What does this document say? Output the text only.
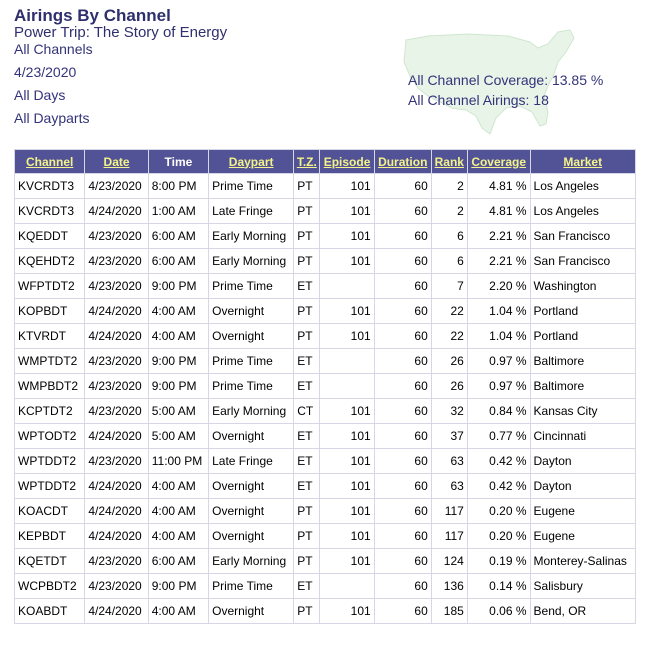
Airings By Channel
Power Trip: The Story of Energy
All Channels
4/23/2020
All Days
All Dayparts
All Channel Coverage: 13.85 %
All Channel Airings: 18
Channel	Date	Time	Daypart	T.Z.	Episode	Duration	Rank	Coverage	Market
KVCRDT3	4/23/2020	8:00 PM	Prime Time	PT	101	60	2	4.81 %	Los Angeles
KVCRDT3	4/24/2020	1:00 AM	Late Fringe	PT	101	60	2	4.81 %	Los Angeles
KQEDDT	4/23/2020	6:00 AM	Early Morning	PT	101	60	6	2.21 %	San Francisco
KQEHDT2	4/23/2020	6:00 AM	Early Morning	PT	101	60	6	2.21 %	San Francisco
WFPTDT2	4/23/2020	9:00 PM	Prime Time	ET		60	7	2.20 %	Washington
KOPBDT	4/24/2020	4:00 AM	Overnight	PT	101	60	22	1.04 %	Portland
KTVRDT	4/24/2020	4:00 AM	Overnight	PT	101	60	22	1.04 %	Portland
WMPTDT2	4/23/2020	9:00 PM	Prime Time	ET		60	26	0.97 %	Baltimore
WMPBDT2	4/23/2020	9:00 PM	Prime Time	ET		60	26	0.97 %	Baltimore
KCPTDT2	4/23/2020	5:00 AM	Early Morning	CT	101	60	32	0.84 %	Kansas City
WPTODT2	4/24/2020	5:00 AM	Overnight	ET	101	60	37	0.77 %	Cincinnati
WPTDDT2	4/23/2020	11:00 PM	Late Fringe	ET	101	60	63	0.42 %	Dayton
WPTDDT2	4/24/2020	4:00 AM	Overnight	ET	101	60	63	0.42 %	Dayton
KOACDT	4/24/2020	4:00 AM	Overnight	PT	101	60	117	0.20 %	Eugene
KEPBDT	4/24/2020	4:00 AM	Overnight	PT	101	60	117	0.20 %	Eugene
KQETDT	4/23/2020	6:00 AM	Early Morning	PT	101	60	124	0.19 %	Monterey-Salinas
WCPBDT2	4/23/2020	9:00 PM	Prime Time	ET		60	136	0.14 %	Salisbury
KOABDT	4/24/2020	4:00 AM	Overnight	PT	101	60	185	0.06 %	Bend, OR
